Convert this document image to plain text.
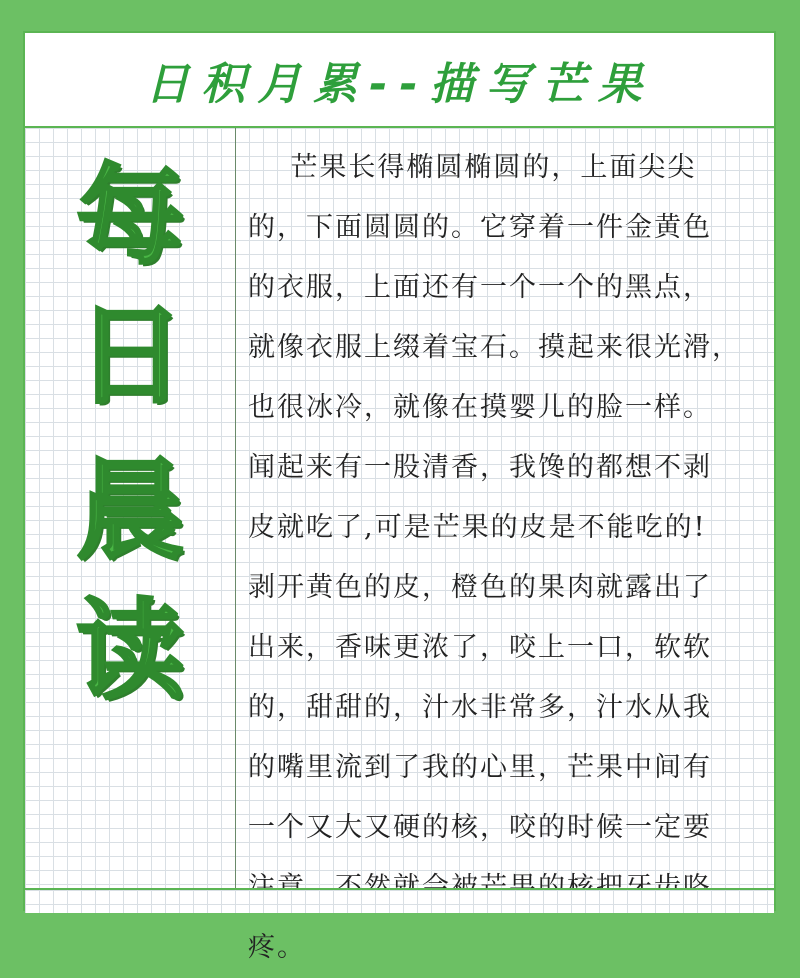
日积月累--描写芒果
每
日
晨
读
芒果长得椭圆椭圆的，上面尖尖
的，下面圆圆的。它穿着一件金黄色
的衣服，上面还有一个一个的黑点，
就像衣服上缀着宝石。摸起来很光滑，
也很冰冷，就像在摸婴儿的脸一样。
闻起来有一股清香，我馋的都想不剥
皮就吃了,可是芒果的皮是不能吃的!
剥开黄色的皮，橙色的果肉就露出了
出来，香味更浓了，咬上一口，软软
的，甜甜的，汁水非常多，汁水从我
的嘴里流到了我的心里，芒果中间有
一个又大又硬的核，咬的时候一定要
疼。
